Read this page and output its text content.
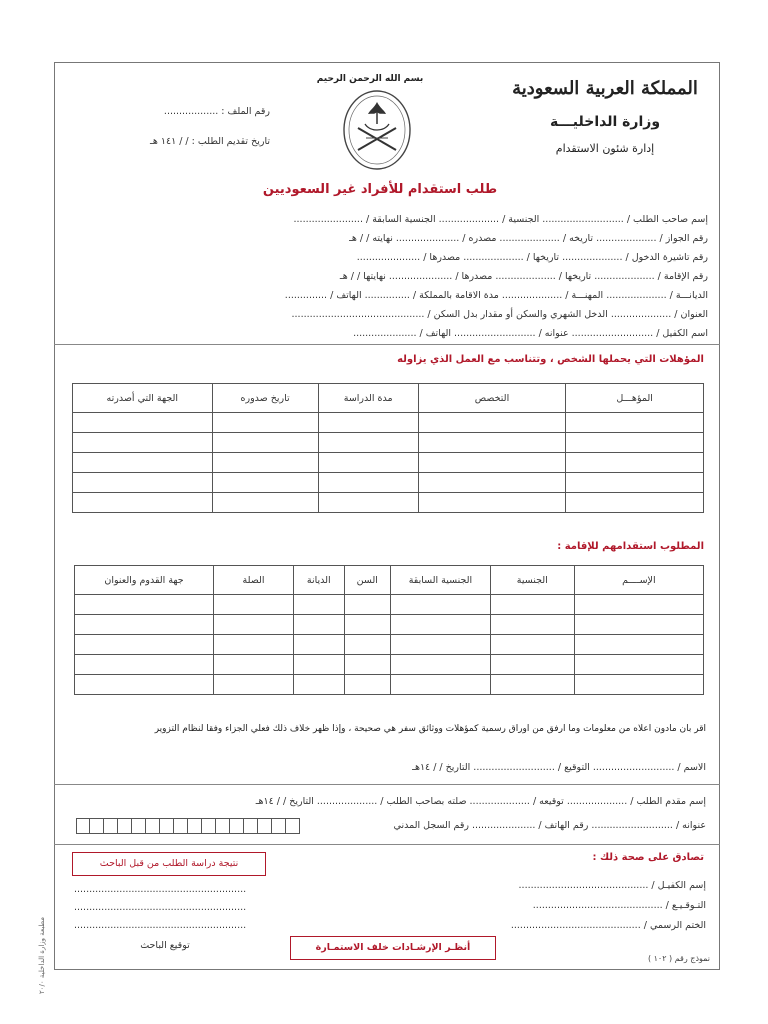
بسم الله الرحمن الرحيم	المملكة العربية السعودية
وزارة الداخليـــة
إدارة شئون الاستقدام
رقم الملف : ..................
تاريخ تقديم الطلب : / / ١٤١ هـ
طلب استقدام للأفراد غير السعوديين
إسم صاحب الطلب / ........................... الجنسية / .................... الجنسية السابقة / .......................
رقم الجواز / .................... تاريخه / .................... مصدره / ..................... نهايته / / هـ
رقم تاشيرة الدخول / .................... تاريخها / .................... مصدرها / .....................
رقم الإقامة / .................... تاريخها / .................... مصدرها / ..................... نهايتها / / هـ
الديانـــة / .................... المهنـــة / .................... مدة الاقامة بالمملكة / ............... الهاتف / ..............
العنوان / .................... الدخل الشهري والسكن أو مقدار بدل السكن / ............................................
اسم الكفيل / ........................... عنوانه / ........................... الهاتف / .....................
المؤهلات التي يحملها الشخص ، وتتناسب مع العمل الذي يزاوله
المؤهـــل	التخصص	مدة الدراسة	تاريخ صدوره	الجهة التي أصدرته

المطلوب استقدامهم للإقامة :
الإســــم	الجنسية	الجنسية السابقة	السن	الديانة	الصلة	جهة القدوم والعنوان

أقر بأن مادون أعلاه من معلومات وما أرفق من أوراق رسمية كمؤهلات ووثائق سفر هي صحيحة ، وإذا ظهر خلاف ذلك فعلي الجزاء وفقاً لنظام التزوير
الاسم / ........................... التوقيع / ........................... التاريخ / / ١٤هـ
إسم مقدم الطلب / .................... توقيعه / .................... صلته بصاحب الطلب / .................... التاريخ / / ١٤هـ
عنوانه / ........................... رقم الهاتف / ..................... رقم السجل المدني
تصادق على صحة ذلك :
إسم الكفيـل / ...........................................
التـوقـيـع / ...........................................
الختم الرسمي / ...........................................
نتيجة دراسة الطلب من قبل الباحث
.........................................................
.........................................................
.........................................................
توقيع الباحث	أنظـر الإرشـادات خلف الاستمـارة
نموذج رقم ( ١٠٢ )
مطبعة وزارة الداخلية ٢٠/٠
